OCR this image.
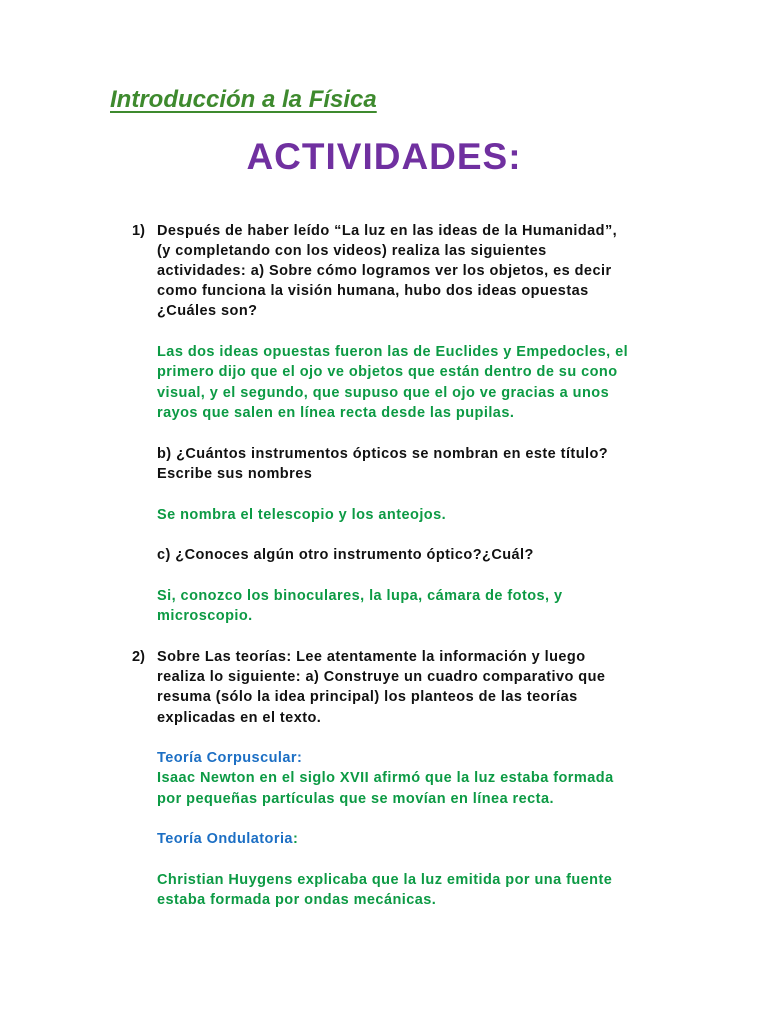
Introducción a la Física
ACTIVIDADES:
1) Después de haber leído “La luz en las ideas de la Humanidad”,
(y completando con los videos) realiza las siguientes
actividades: a) Sobre cómo logramos ver los objetos, es decir
como funciona la visión humana, hubo dos ideas opuestas
¿Cuáles son?
Las dos ideas opuestas fueron las de Euclides y Empedocles, el
primero dijo que el ojo ve objetos que están dentro de su cono
visual, y el segundo, que supuso que el ojo ve gracias a unos
rayos que salen en línea recta desde las pupilas.
b) ¿Cuántos instrumentos ópticos se nombran en este título?
Escribe sus nombres
Se nombra el telescopio y los anteojos.
c) ¿Conoces algún otro instrumento óptico?¿Cuál?
Si, conozco los binoculares, la lupa, cámara de fotos, y
microscopio.
2) Sobre Las teorías: Lee atentamente la información y luego
realiza lo siguiente: a) Construye un cuadro comparativo que
resuma (sólo la idea principal) los planteos de las teorías
explicadas en el texto.
Teoría Corpuscular:
Isaac Newton en el siglo XVII afirmó que la luz estaba formada
por pequeñas partículas que se movían en línea recta.
Teoría Ondulatoria:
Christian Huygens explicaba que la luz emitida por una fuente
estaba formada por ondas mecánicas.
